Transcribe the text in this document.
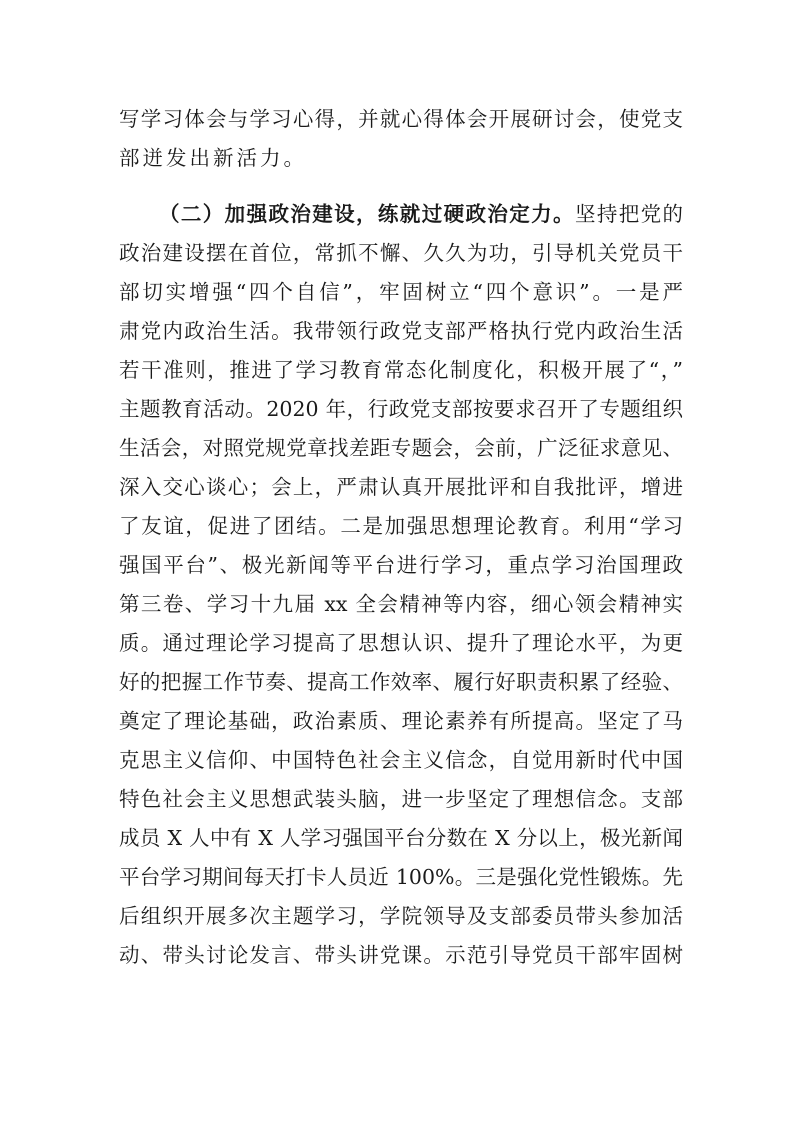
写学习体会与学习心得，并就心得体会开展研讨会，使党支
部迸发出新活力。
（二）加强政治建设，练就过硬政治定力。坚持把党的
政治建设摆在首位，常抓不懈、久久为功，引导机关党员干
部切实增强“四个自信”，牢固树立“四个意识”。一是严
肃党内政治生活。我带领行政党支部严格执行党内政治生活
若干准则，推进了学习教育常态化制度化，积极开展了“，”
主题教育活动。2020 年，行政党支部按要求召开了专题组织
生活会，对照党规党章找差距专题会，会前，广泛征求意见、
深入交心谈心；会上，严肃认真开展批评和自我批评，增进
了友谊，促进了团结。二是加强思想理论教育。利用“学习
强国平台”、极光新闻等平台进行学习，重点学习治国理政
第三卷、学习十九届 xx 全会精神等内容，细心领会精神实
质。通过理论学习提高了思想认识、提升了理论水平，为更
好的把握工作节奏、提高工作效率、履行好职责积累了经验、
奠定了理论基础，政治素质、理论素养有所提高。坚定了马
克思主义信仰、中国特色社会主义信念，自觉用新时代中国
特色社会主义思想武装头脑，进一步坚定了理想信念。支部
成员 X 人中有 X 人学习强国平台分数在 X 分以上，极光新闻
平台学习期间每天打卡人员近 100%。三是强化党性锻炼。先
后组织开展多次主题学习，学院领导及支部委员带头参加活
动、带头讨论发言、带头讲党课。示范引导党员干部牢固树
